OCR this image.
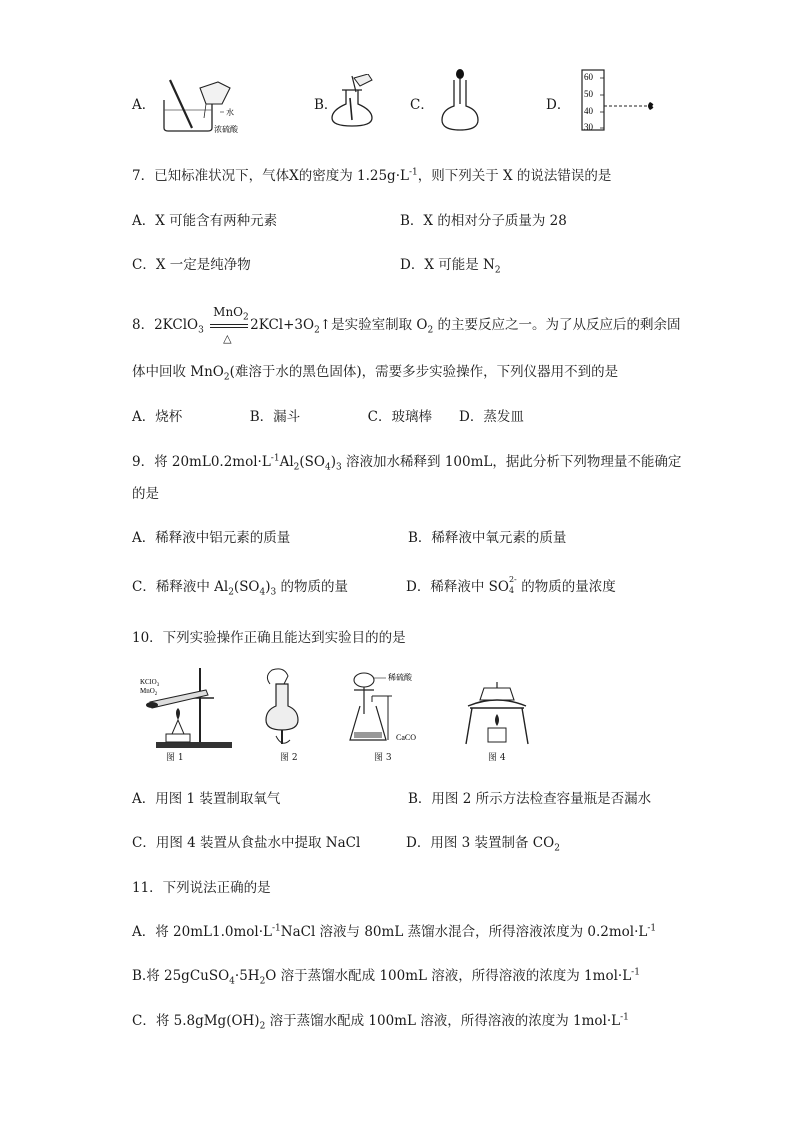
A．	水
浓硫酸
B．	C．	D．
60
50
40
30
7．已知标准状况下，气体X的密度为 $1.25g\cdot L^{-1}$，则下列关于 X 的说法错误的是
A．X 可能含有两种元素	B．X 的相对分子质量为 28
C．X 一定是纯净物	D．X 可能是 $N_2$
8．2KClO$_3$
MnO$_2$
△
$2KCl+3O_2↑$是实验室制取 $O_2$ 的主要反应之一。为了从反应后的剩余固
体中回收 MnO$_2$(难溶于水的黑色固体)，需要多步实验操作，下列仪器用不到的是
A．烧杯　　　　　B．漏斗　　　　　C．玻璃棒　　D．蒸发皿
9．将 $20mL0.2mol\cdot L^{-1}Al_2(SO_4)_3$ 溶液加水稀释到 100mL，据此分析下列物理量不能确定
的是
A．稀释液中铝元素的质量	B．稀释液中氧元素的质量
C．稀释液中 $Al_2(SO_4)_3$ 的物质的量	D．稀释液中 SO 2-
4 的物质的量浓度
10．下列实验操作正确且能达到实验目的的是
KClO$_3$
MnO$_2$
稀硫酸
CaCO
图 1	图 2	图 3	图 4
A．用图 1 装置制取氧气	B．用图 2 所示方法检查容量瓶是否漏水
C．用图 4 装置从食盐水中提取 NaCl	D．用图 3 装置制备 $CO_2$
11．下列说法正确的是
A．将 $20mL1.0mol\cdot L^{-1}NaCl$ 溶液与 80mL 蒸馏水混合，所得溶液浓度为 $0.2mol\cdot L^{-1}$
B.将 $25gCuSO_4\cdot 5H_2O$ 溶于蒸馏水配成 100mL 溶液，所得溶液的浓度为 $1mol\cdot L^{-1}$
C．将 $5.8gMg(OH)_2$ 溶于蒸馏水配成 100mL 溶液，所得溶液的浓度为 $1mol\cdot L^{-1}$
